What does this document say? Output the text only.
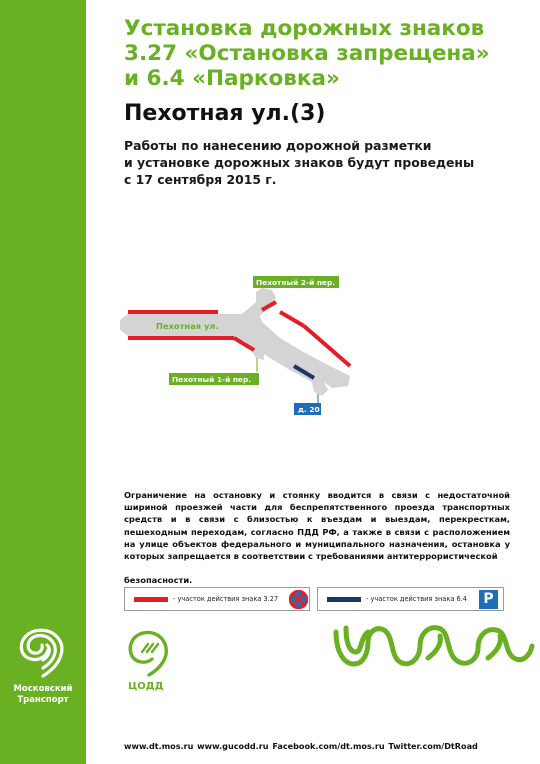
Московский Транспорт
Установка дорожных знаков
3.27 «Остановка запрещена»
и 6.4 «Парковка»
Пехотная ул.(3)
Работы по нанесению дорожной разметки
и установке дорожных знаков будут проведены
с 17 сентября 2015 г.
Пехотный 2-й пер.
Пехотная ул.
Пехотный 1-й пер.
д. 20
Ограничение на остановку и стоянку вводится в связи с недостаточной шириной проезжей части для беспрепятственного проезда транспортных средств и в связи с близостью к въездам и выездам, перекресткам, пешеходным переходам, согласно ПДД РФ, а также в связи с расположением на улице объектов федерального и муниципального назначения, остановка у которых запрещается в соответствии с требованиями антитеррористической
безопасности.
- участок действия знака 3.27	- участок действия знака 6.4	P
ЦОДД
www.dt.mos.ru www.gucodd.ru Facebook.com/dt.mos.ru Twitter.com/DtRoad
